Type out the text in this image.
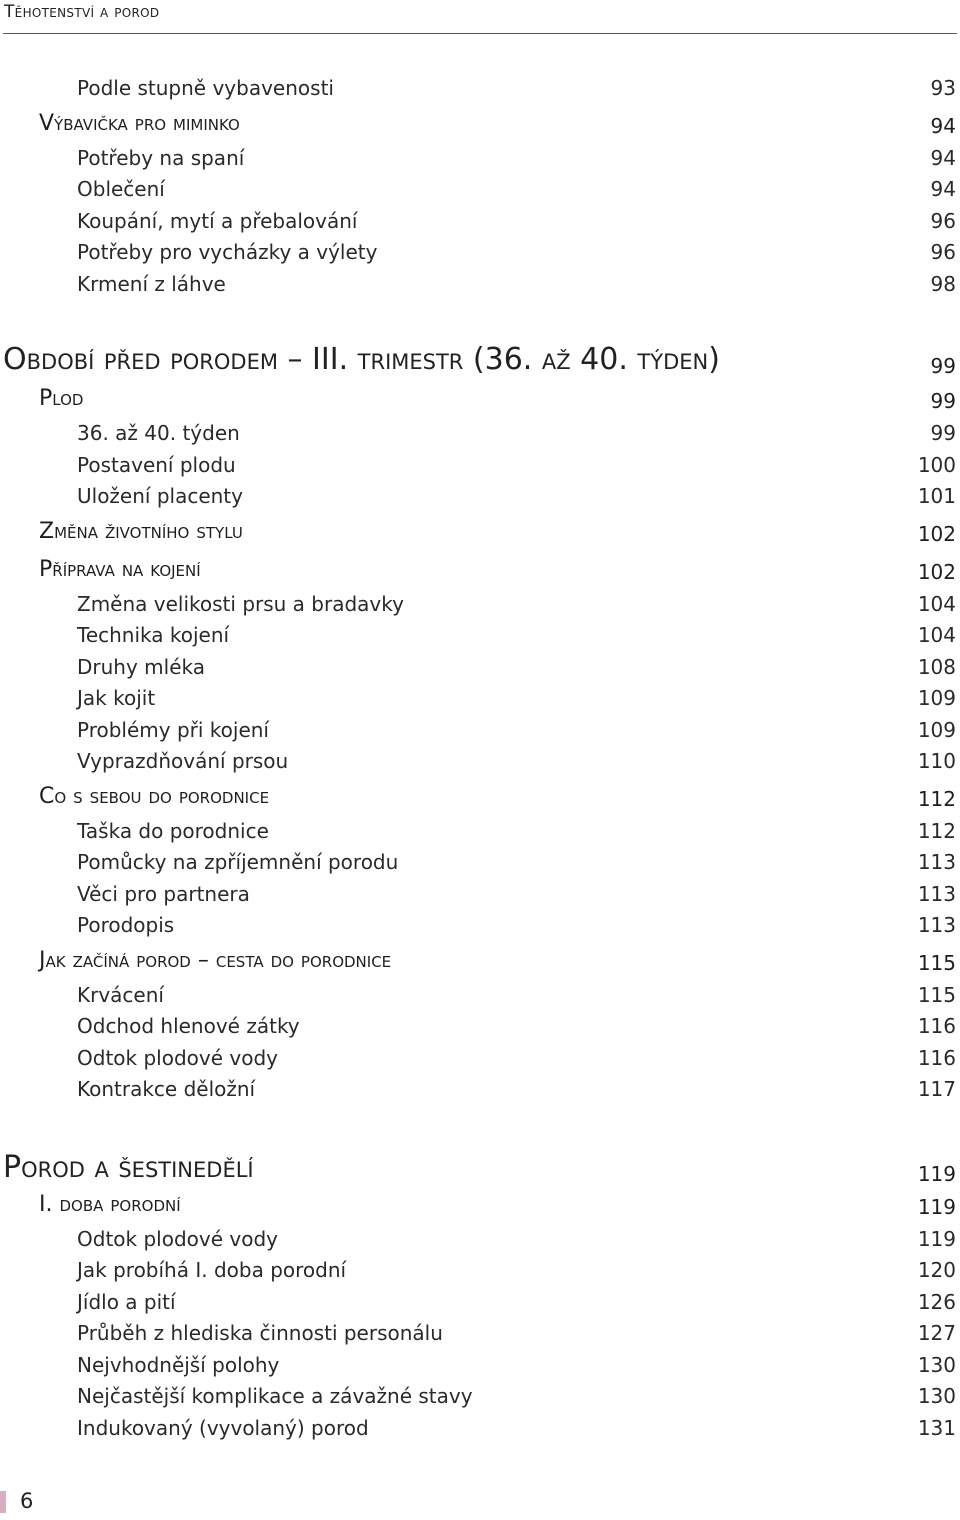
Těhotenství a porod
Podle stupně vybavenosti	93
Výbavička pro miminko	94
Potřeby na spaní	94
Oblečení	94
Koupání, mytí a přebalování	96
Potřeby pro vycházky a výlety	96
Krmení z láhve	98
Období před porodem – III. trimestr (36. až 40. týden)	99
Plod	99
36. až 40. týden	99
Postavení plodu	100
Uložení placenty	101
Změna životního stylu	102
Příprava na kojení	102
Změna velikosti prsu a bradavky	104
Technika kojení	104
Druhy mléka	108
Jak kojit	109
Problémy při kojení	109
Vyprazdňování prsou	110
Co s sebou do porodnice	112
Taška do porodnice	112
Pomůcky na zpříjemnění porodu	113
Věci pro partnera	113
Porodopis	113
Jak začíná porod – cesta do porodnice	115
Krvácení	115
Odchod hlenové zátky	116
Odtok plodové vody	116
Kontrakce děložní	117
Porod a šestinedělí	119
I. doba porodní	119
Odtok plodové vody	119
Jak probíhá I. doba porodní	120
Jídlo a pití	126
Průběh z hlediska činnosti personálu	127
Nejvhodnější polohy	130
Nejčastější komplikace a závažné stavy	130
Indukovaný (vyvolaný) porod	131
6
